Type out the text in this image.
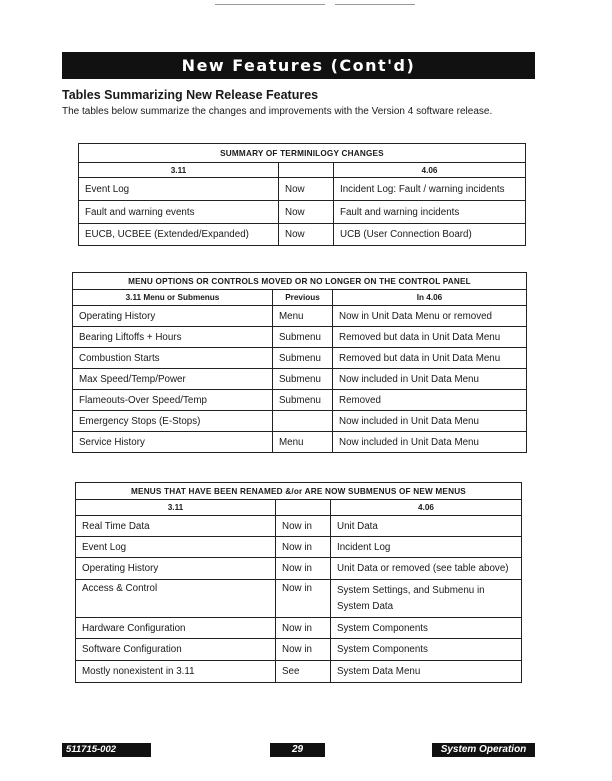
New Features (Cont'd)
Tables Summarizing New Release Features
The tables below summarize the changes and improvements with the Version 4 software release.
SUMMARY OF TERMINILOGY CHANGES		
3.11		4.06
Event Log	Now	Incident Log: Fault / warning incidents
Fault and warning events	Now	Fault and warning incidents
EUCB, UCBEE (Extended/Expanded)	Now	UCB (User Connection Board)
MENU OPTIONS OR CONTROLS MOVED OR NO LONGER ON THE CONTROL PANEL		
3.11 Menu or Submenus	Previous	In 4.06
Operating History	Menu	Now in Unit Data Menu or removed
Bearing Liftoffs + Hours	Submenu	Removed but data in Unit Data Menu
Combustion Starts	Submenu	Removed but data in Unit Data Menu
Max Speed/Temp/Power	Submenu	Now included in Unit Data Menu
Flameouts-Over Speed/Temp	Submenu	Removed
Emergency Stops (E-Stops)		Now included in Unit Data Menu
Service History	Menu	Now included in Unit Data Menu
MENUS THAT HAVE BEEN RENAMED &/or ARE NOW SUBMENUS OF NEW MENUS		
3.11		4.06
Real Time Data	Now in	Unit Data
Event Log	Now in	Incident Log
Operating History	Now in	Unit Data or removed (see table above)
Access & Control	Now in	System Settings, and Submenu in System Data
Hardware Configuration	Now in	System Components
Software Configuration	Now in	System Components
Mostly nonexistent in 3.11	See	System Data Menu
511715-002	29	System Operation
